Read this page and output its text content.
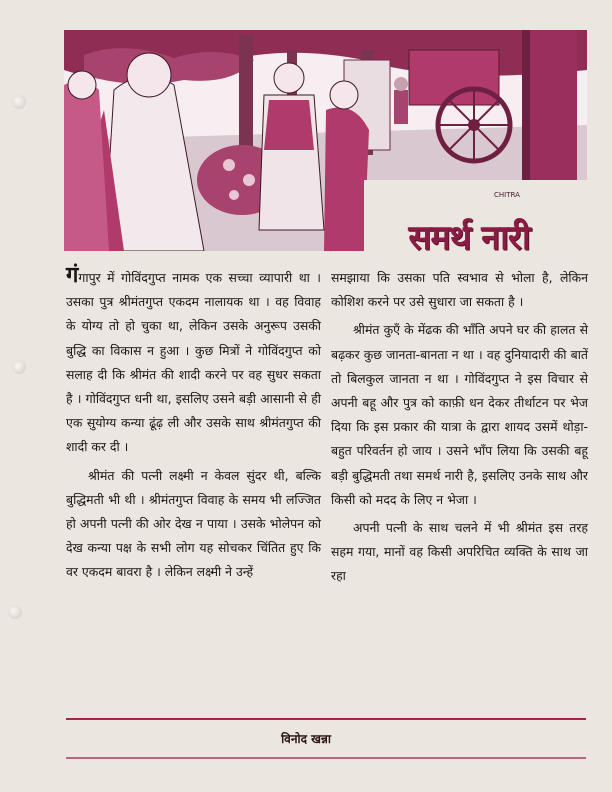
CHITRA
समर्थ नारी

गंगापुर में गोविंदगुप्त नामक एक सच्चा व्यापारी था । उसका पुत्र श्रीमंतगुप्त एकदम नालायक था । वह विवाह के योग्य तो हो चुका था, लेकिन उसके अनुरूप उसकी बुद्धि का विकास न हुआ । कुछ मित्रों ने गोविंदगुप्त को सलाह दी कि श्रीमंत की शादी करने पर वह सुधर सकता है । गोविंदगुप्त धनी था, इसलिए उसने बड़ी आसानी से ही एक सुयोग्य कन्या ढूंढ़ ली और उसके साथ श्रीमंतगुप्त की शादी कर दी ।

श्रीमंत की पत्नी लक्ष्मी न केवल सुंदर थी, बल्कि बुद्धिमती भी थी । श्रीमंतगुप्त विवाह के समय भी लज्जित हो अपनी पत्नी की ओर देख न पाया । उसके भोलेपन को देख कन्या पक्ष के सभी लोग यह सोचकर चिंतित हुए कि वर एकदम बावरा है । लेकिन लक्ष्मी ने उन्हें

समझाया कि उसका पति स्वभाव से भोला है, लेकिन कोशिश करने पर उसे सुधारा जा सकता है ।

श्रीमंत कुएँ के मेंढक की भाँति अपने घर की हालत से बढ़कर कुछ जानता-बानता न था । वह दुनियादारी की बातें तो बिलकुल जानता न था । गोविंदगुप्त ने इस विचार से अपनी बहू और पुत्र को काफ़ी धन देकर तीर्थाटन पर भेज दिया कि इस प्रकार की यात्रा के द्वारा शायद उसमें थोड़ा-बहुत परिवर्तन हो जाय । उसने भाँप लिया कि उसकी बहू बड़ी बुद्धिमती तथा समर्थ नारी है, इसलिए उनके साथ और किसी को मदद के लिए न भेजा ।

अपनी पत्नी के साथ चलने में भी श्रीमंत इस तरह सहम गया, मानों वह किसी अपरिचित व्यक्ति के साथ जा रहा

विनोद खन्ना
